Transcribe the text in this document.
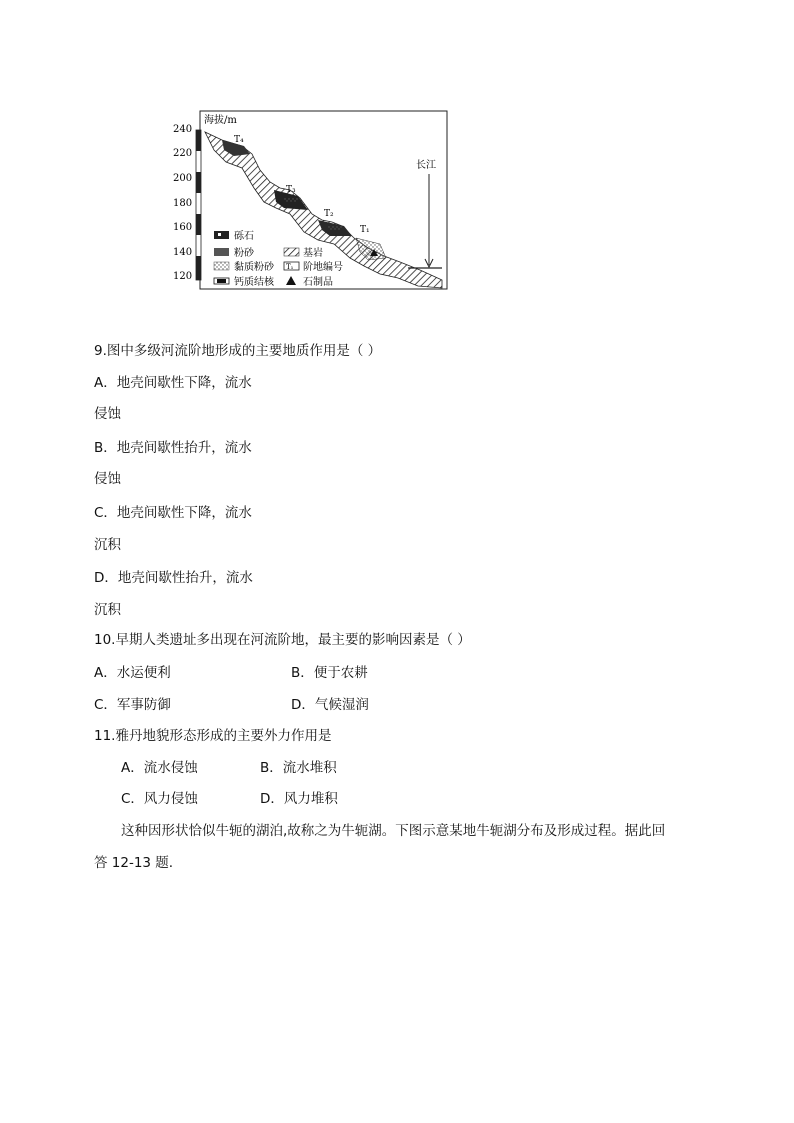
海拔/m
240
220
200
180
160
140
120
T₄
T₃
T₂
T₁
长江
砾石
粉砂	基岩
黏质粉砂 T₁ 阶地编号
钙质结核	石制品
9.图中多级河流阶地形成的主要地质作用是（ ）
A．地壳间歇性下降，流水
侵蚀
B．地壳间歇性抬升，流水
侵蚀
C．地壳间歇性下降，流水
沉积
D．地壳间歇性抬升，流水
沉积
10.早期人类遗址多出现在河流阶地，最主要的影响因素是（ ）
A．水运便利	B．便于农耕
C．军事防御	D．气候湿润
11.雅丹地貌形态形成的主要外力作用是
A．流水侵蚀	B．流水堆积
C．风力侵蚀	D．风力堆积
这种因形状恰似牛轭的湖泊,故称之为牛轭湖。下图示意某地牛轭湖分布及形成过程。据此回
答 12-13 题.
